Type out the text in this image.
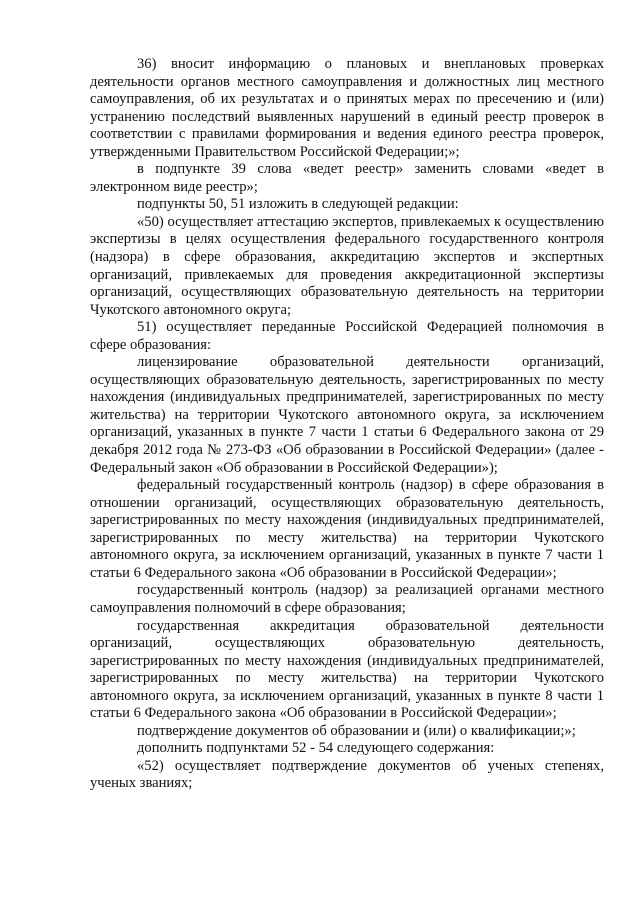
36) вносит информацию о плановых и внеплановых проверках деятельности органов местного самоуправления и должностных лиц местного самоуправления, об их результатах и о принятых мерах по пресечению и (или) устранению последствий выявленных нарушений в единый реестр проверок в соответствии с правилами формирования и ведения единого реестра проверок, утвержденными Правительством Российской Федерации;»;

в подпункте 39 слова «ведет реестр» заменить словами «ведет в электронном виде реестр»;

подпункты 50, 51 изложить в следующей редакции:

«50) осуществляет аттестацию экспертов, привлекаемых к осуществлению экспертизы в целях осуществления федерального государственного контроля (надзора) в сфере образования, аккредитацию экспертов и экспертных организаций, привлекаемых для проведения аккредитационной экспертизы организаций, осуществляющих образовательную деятельность на территории Чукотского автономного округа;

51) осуществляет переданные Российской Федерацией полномочия в сфере образования:

лицензирование образовательной деятельности организаций, осуществляющих образовательную деятельность, зарегистрированных по месту нахождения (индивидуальных предпринимателей, зарегистрированных по месту жительства) на территории Чукотского автономного округа, за исключением организаций, указанных в пункте 7 части 1 статьи 6 Федерального закона от 29 декабря 2012 года № 273-ФЗ «Об образовании в Российской Федерации» (далее - Федеральный закон «Об образовании в Российской Федерации»);

федеральный государственный контроль (надзор) в сфере образования в отношении организаций, осуществляющих образовательную деятельность, зарегистрированных по месту нахождения (индивидуальных предпринимателей, зарегистрированных по месту жительства) на территории Чукотского автономного округа, за исключением организаций, указанных в пункте 7 части 1 статьи 6 Федерального закона «Об образовании в Российской Федерации»;

государственный контроль (надзор) за реализацией органами местного самоуправления полномочий в сфере образования;

государственная аккредитация образовательной деятельности организаций, осуществляющих образовательную деятельность, зарегистрированных по месту нахождения (индивидуальных предпринимателей, зарегистрированных по месту жительства) на территории Чукотского автономного округа, за исключением организаций, указанных в пункте 8 части 1 статьи 6 Федерального закона «Об образовании в Российской Федерации»;

подтверждение документов об образовании и (или) о квалификации;»;

дополнить подпунктами 52 - 54 следующего содержания:

«52) осуществляет подтверждение документов об ученых степенях, ученых званиях;
